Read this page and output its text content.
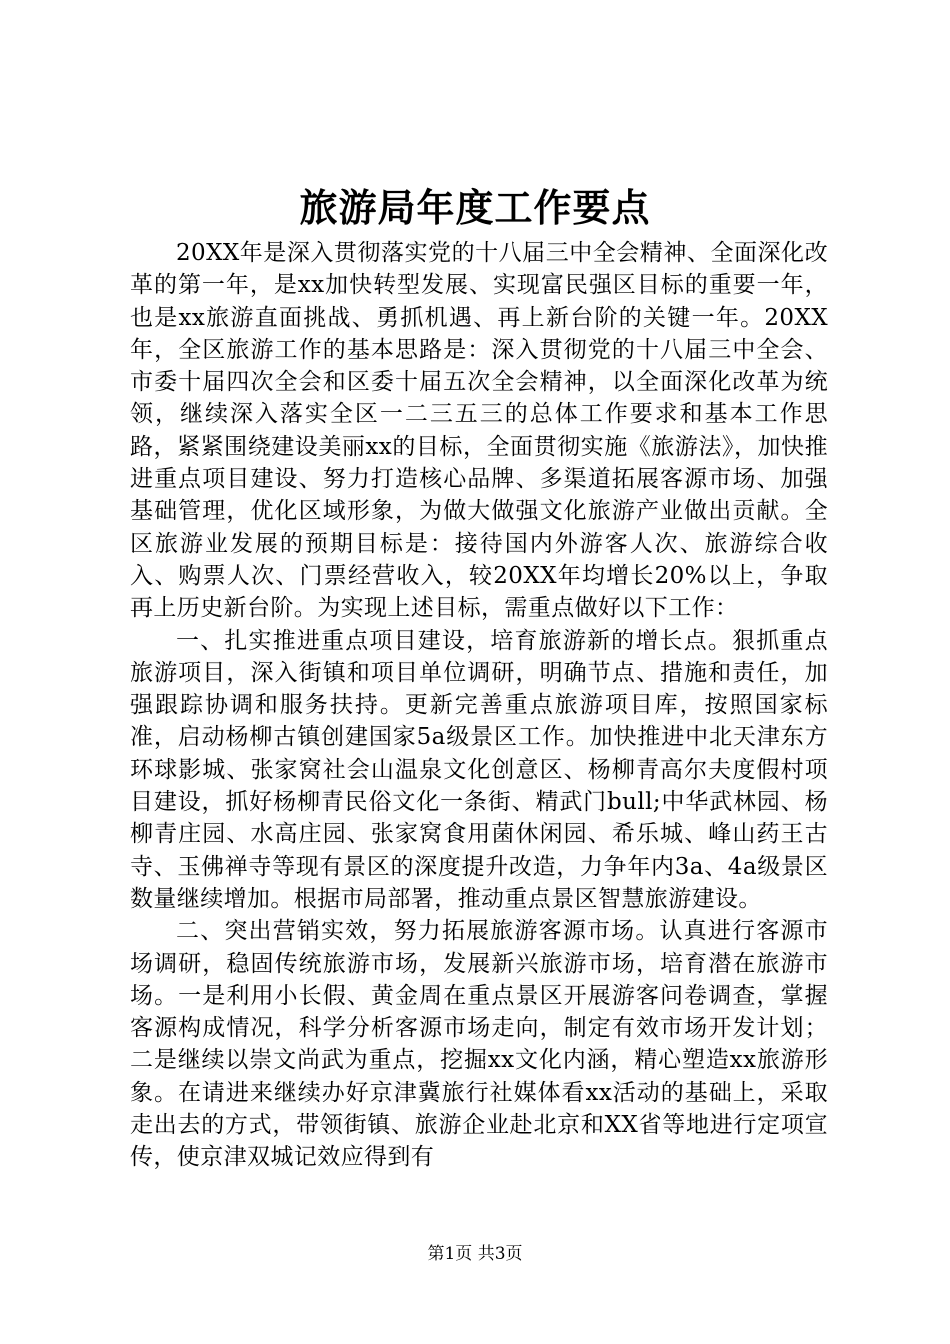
旅游局年度工作要点

20XX年是深入贯彻落实党的十八届三中全会精神、全面深化改革的第一年，是xx加快转型发展、实现富民强区目标的重要一年，也是xx旅游直面挑战、勇抓机遇、再上新台阶的关键一年。20XX年，全区旅游工作的基本思路是：深入贯彻党的十八届三中全会、市委十届四次全会和区委十届五次全会精神，以全面深化改革为统领，继续深入落实全区一二三五三的总体工作要求和基本工作思路，紧紧围绕建设美丽xx的目标，全面贯彻实施《旅游法》，加快推进重点项目建设、努力打造核心品牌、多渠道拓展客源市场、加强基础管理，优化区域形象，为做大做强文化旅游产业做出贡献。全区旅游业发展的预期目标是：接待国内外游客人次、旅游综合收入、购票人次、门票经营收入，较20XX年均增长20%以上，争取再上历史新台阶。为实现上述目标，需重点做好以下工作：

一、扎实推进重点项目建设，培育旅游新的增长点。狠抓重点旅游项目，深入街镇和项目单位调研，明确节点、措施和责任，加强跟踪协调和服务扶持。更新完善重点旅游项目库，按照国家标准，启动杨柳古镇创建国家5a级景区工作。加快推进中北天津东方环球影城、张家窝社会山温泉文化创意区、杨柳青高尔夫度假村项目建设，抓好杨柳青民俗文化一条街、精武门bull;中华武林园、杨柳青庄园、水高庄园、张家窝食用菌休闲园、希乐城、峰山药王古寺、玉佛禅寺等现有景区的深度提升改造，力争年内3a、4a级景区数量继续增加。根据市局部署，推动重点景区智慧旅游建设。

二、突出营销实效，努力拓展旅游客源市场。认真进行客源市场调研，稳固传统旅游市场，发展新兴旅游市场，培育潜在旅游市场。一是利用小长假、黄金周在重点景区开展游客问卷调查，掌握客源构成情况，科学分析客源市场走向，制定有效市场开发计划；二是继续以崇文尚武为重点，挖掘xx文化内涵，精心塑造xx旅游形象。在请进来继续办好京津冀旅行社媒体看xx活动的基础上，采取走出去的方式，带领街镇、旅游企业赴北京和XX省等地进行定项宣传，使京津双城记效应得到有

第1页 共3页
